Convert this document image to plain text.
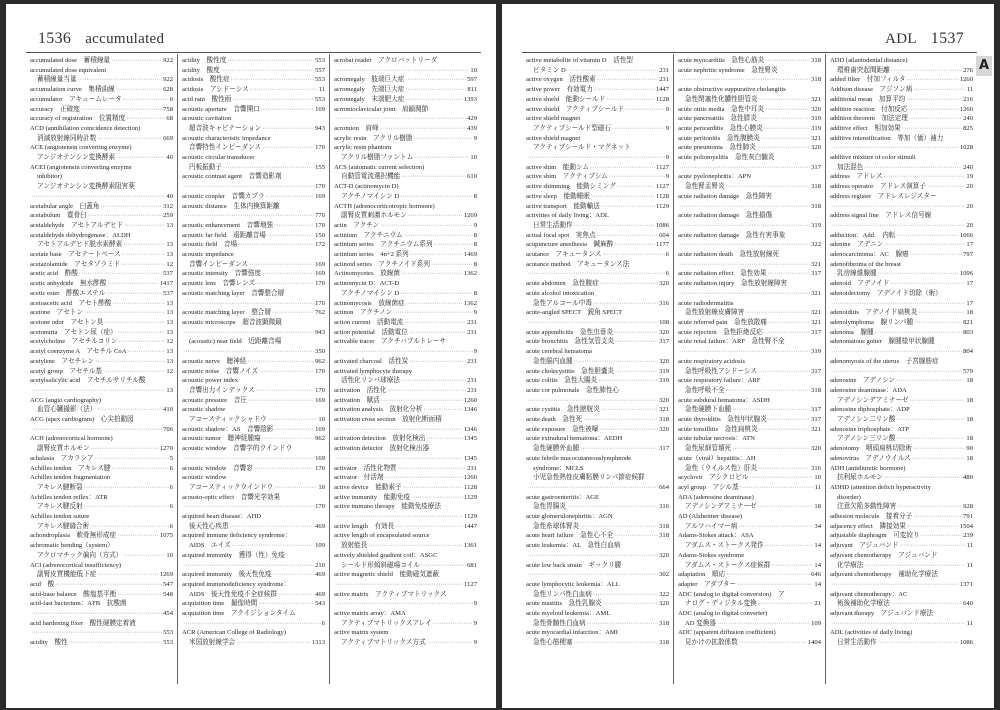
1536 accumulated
accumulated dose　蓄積線量 ·····	922
accumulated dose equivalent
蓄積線量当量 ·····	922
accumulation curve　集積曲線 ·····	628
accumulator　アキュームレータ ·····	6
accuracy　正確度 ·····	758
accuracy of registration　位置精度 ·····	68
ACD (annihilation coincidence detection)
消滅放射線同時計数 ·····	669
ACE (angiotensin converting enzyme)
アンジオテンシン変換酵素 ·····	40
ACEI (angiotensin converting enzyme
inhibitor)
アンジオテンシン変換酵素阻害薬
·····
40
acetabular angle　臼蓋角 ·····	312
acetabulum　寛骨臼 ·····	259
acetaldehyde　アセトアルデヒド ·····	13
acetaldehyde dehydrogenase：ALDH
アセトアルデヒド脱水素酵素 ·····	13
acetate base　アセテートベース ·····	13
acetazolamide　アセタゾラミド ·····	12
acetic acid　酢酸 ·····	537
acetic anhydride　無水酢酸 ·····	1417
acetic ester　酢酸エステル ·····	537
acetoacetic acid　アセト酢酸 ·····	13
acetone　アセトン ·····	13
acetone odor　アセトン臭 ·····	13
acetonuria　アセトン尿（症） ·····	13
acetylcholine　アセチルコリン ·····	12
acetyl coenzyme A　アセチル CoA ·····	13
acetylene　アセチレン ·····	13
acetyl group　アセチル基 ·····	12
acetylsalicylic acid　アセチルサリチル酸
·····
13
ACG (angio cardiography)
血管心臓撮影（法） ·····	410
ACG (apex cardiogram)　心尖拍動図
·····
706
ACH (adrenocortical hormone)
副腎皮質ホルモン ·····	1270
achalasia　アカラシア ·····	5
Achilles tendon　アキレス腱 ·····	6
Achilles tendon fragmentation
アキレス腱断裂 ·····	6
Achilles tendon reflex：ATR
アキレス腱反射 ·····	6
Achilles tendon suture
アキレス腱縫合術 ·····	6
achondroplasia　軟骨無形成症 ·····	1075
achromatic bending（system）
アクロマチック偏向（方式） ·····	10
ACI (adrenocortical insufficiency)
副腎皮質機能低下症 ·····	1269
acid　酸 ·····	547
acid-base balance　酸塩基平衡 ·····	548
acid-fast bacterium：AFB　抗酸菌
·····
454
acid hardening fixer　酸性硬膜定着液
·····
553
acidity　酸性 ·····	553
acidity　酸性度 ·····	553
acidity　酸度 ·····	557
acidosis　酸性症 ·····	553
acidosis　アシドーシス ·····	11
acid rain　酸性雨 ·····	553
acoustic aperture　音響開口 ·····	169
acoustic cavitation
超音波キャビテーション ·····	943
acoustic characteristic impedance
音響特性インピーダンス ·····	170
acoustic circular transducer
円板振動子 ·····	155
acoustic contrast agent　音響造影剤
·····
170
acoustic coupler　音響カプラ ·····	169
acoustic distance　生体内換算距離
·····
770
acoustic enhancement　音響増強 ·····	170
acoustic far field　遠距離音場 ·····	150
acoustic field　音場 ·····	172
acoustic impedance
音響インピーダンス ·····	169
acoustic intensity　音響強度 ·····	169
acoustic lens　音響レンズ ·····	170
acoustic matching layer　音響整合層
·····
170
acoustic matching layer　整合層 ·····	762
acoustic microscope　超音波顕微鏡
·····
943
(acoustic) near field　近距離音場
·····
350
acoustic nerve　聴神経 ·····	962
acoustic noise　音響ノイズ ·····	170
acoustic power index
音響出力インデックス ·····	170
acoustic pressure　音圧 ·····	169
acoustic shadow
アコースティックシャドウ ·····	10
acoustic shadow：AS　音響陰影 ·····	169
acoustic tumor　聴神経腫瘍 ·····	962
acoustic window　音響学的ウインドウ
·····
169
acoustic window　音響窓 ·····	170
acoustic window
アコースティックウインドウ ·····	10
acousto-optic effect　音響光学効果
·····
170
acquired heart disease：AHD
後天性心疾患 ·····	469
acquired immune deficiency syndrome：
AIDS　エイズ ·····	109
acquired immunity　獲得（性）免疫
·····
210
acquired immunity　後天性免疫 ·····	469
acquired immunodeficiency syndrome：
AIDS　後天性免疫不全症候群 ·····	469
acquisition time　撮像時間 ·····	543
acquisition time　アクイジションタイム
·····
6
ACR (American College of Radiology)
米国放射線学会 ·····	1313
acrobat reader　アクロバットリーダ
·····
10
acromegaly　肢端巨大症 ·····	597
acromegaly　先端巨大症 ·····	811
acromegaly　末端肥大症 ·····	1393
acromioclavicular joint　肩鎖関節
·····
429
acromion　肩峰 ·····	439
acrylic resin　アクリル樹脂 ·····	9
acrylic resin phantom
アクリル樹脂ファントム ·····	10
ACS (automatic current selection)
自動管電流選択機能 ·····	610
ACT-D (actinomycin D)
アクチノマイシン D ·····	8
ACTH (adrenocorticotropic hormone)
副腎皮質刺激ホルモン ·····	1269
actin　アクチン ·····	9
actinium　アクチニウム ·····	8
actinium series　アクチニウム系列 ·····	8
actinium series　4n+2 系列 ·····	1469
actinoid series　アクチノイド系列 ·····	8
Actinomycetes　放線菌 ·····	1362
actinomycin D：ACT-D
アクチノマイシン D ·····	8
actinomycosis　放線菌症 ·····	1362
actinon　アクチノン ·····	9
action current　活動電流 ·····	231
action potential　活動電位 ·····	231
activable tracer　アクチバブルトレーサ
·····
9
activated charcoal　活性炭 ·····	231
activated lymphocyte therapy
活性化リンパ球療法 ·····	231
activation　活性化 ·····	231
activation　賦活 ·····	1260
activation analysis　放射化分析 ·····	1346
activation cross section　放射化断面積
·····
1346
activation detection　放射化検出 ·····	1345
activation detector　放射化検出器
·····
1345
activator　活性化物質 ·····	231
activator　付活剤 ·····	1260
active device　能動素子 ·····	1128
active immunity　能動免疫 ·····	1129
active immuno therapy　能動免疫療法
·····
1129
active length　有効長 ·····	1447
active length of encapsulated source
放射能長 ·····	1361
actively shielded gradient coil：ASGC
シールド形傾斜磁場コイル ·····	681
active magnetic shield　能動磁気遮蔽
·····
1127
active matrix　アクティブマトリックス
·····
9
active matrix array：AMA
アクティブマトリックスアレイ ·····	9
active matrix system
アクティブマトリックス方式 ·····	9
ADL 1537
active metabolite of vitamin D　活性型
ビタミン D ·····	231
active oxygen　活性酸素 ·····	231
active power　有効電力 ·····	1447
active shield　能動シールド ·····	1128
active shield　アクティブシールド ·····	9
active shield magnet
アクティブシールド型磁石 ·····	9
active shield magnet
アクティブシールド・マグネット
·····
9
active shim　能動シム ·····	1127
active shim　アクティブシム ·····	9
active shimming　能動シミング ·····	1127
active sleep　能動睡眠 ·····	1128
active transport　能動輸送 ·····	1129
activities of daily living：ADL
日常生活動作 ·····	1086
actual focal spot　実焦点 ·····	604
acupuncture anesthesia　鍼麻酔 ·····	1177
acutance　アキュータンス ·····	6
acutance method　アキュータンス法
·····
6
acute abdomen　急性腹症 ·····	320
acute alcohol intoxication
急性アルコール中毒 ·····	316
acute-angled SPECT　鋭角 SPECT
·····
108
acute appendicitis　急性虫垂炎 ·····	320
acute bronchitis　急性気管支炎 ·····	317
acute cerebral hematoma
急性脳内血腫 ·····	320
acute cholecystitis　急性胆嚢炎 ·····	319
acute colitis　急性大腸炎 ·····	319
acute cor pulmonale　急性肺性心
·····
320
acute cystitis　急性膀胱炎 ·····	321
acute death　急性死 ·····	318
acute exposure　急性被曝 ·····	320
acute extradural hematoma：AEDH
急性硬膜外血腫 ·····	317
acute febrile mucocutaneouslymphnode
syndrome：MCLS
小児急性熱性皮膚粘膜リンパ節症候群
·····
664
acute gastroenteritis：AGE
急性胃腸炎 ·····	316
acute glomerulonephritis：AGN
急性糸球体腎炎 ·····	318
acute heart failure　急性心不全 ·····	318
acute leukemia：AL　急性白血病
·····
320
acute low back strain　ギックリ腰
·····
302
acute lymphocytic leukemia：ALL
急性リンパ性白血病 ·····	322
acute mastitis　急性乳腺炎 ·····	320
acute myeloid leukemia：AML
急性骨髄性白血病 ·····	318
acute myocardial infarction：AMI
急性心筋梗塞 ·····	318
acute myocarditis　急性心筋炎 ·····	318
acute nephritic syndrome　急性腎炎
·····
318
acute obstructive suppurative cholangitis
急性閉塞性化膿性胆管炎 ·····	321
acute otitis media　急性中耳炎 ·····	320
acute pancreatitis　急性膵炎 ·····	319
acute pericarditis　急性心膜炎 ·····	319
acute peritonitis　急性腹膜炎 ·····	321
acute pneumonia　急性肺炎 ·····	320
acute poliomyelitis　急性灰白髄炎
·····
317
acute pyelonephritis：APN
急性腎盂腎炎 ·····	318
acute radiation damage　急性障害
·····
318
acute radiation damage　急性損傷
·····
319
acute radiation damage　急性有害事象
·····
322
acute radiation death　急性放射線死
·····
321
acute radiation effect　急性効果 ·····	317
acute radiation injury　急性放射線障害
·····
321
acute radiodermatitis
急性放射線皮膚障害 ·····	321
acute referred pain　急性放散痛 ·····	321
acute rejection　急性拒絶反応 ·····	317
acute renal failure：ARF　急性腎不全
·····
319
acute respiratory acidosis
急性呼吸性アシドーシス ·····	317
acute respiratory failure：ARF
急性呼吸不全 ·····	318
acute subdural hematoma：ASDH
急性硬膜下血腫 ·····	317
acute thyroiditis　急性甲状腺炎 ·····	317
acute tonsillitis　急性扁桃炎 ·····	321
acute tubular necrosis：ATN
急性尿細管壊死 ·····	320
acute（viral）hepatitis：AH
急性（ウイルス性）肝炎 ·····	316
acyclovir　アシクロビル ·····	10
acyl group　アシル基 ·····	11
ADA (adenosine deaminase)
アデノシンデアミナーゼ ·····	18
AD (Alzheimer disease)
アルツハイマー病 ·····	34
Adams-Stokes attack：ASA
アダムス・ストークス発作 ·····	14
Adams-Stokes syndrome
アダムス・ストークス症候群 ·····	14
adaptation　順応 ·····	646
adapter　アダプター ·····	14
ADC (analog to digital conversion)　ア
ナログ・ディジタル変換 ·····	21
ADC (analog to digital converter)
AD 変換器 ·····	109
ADC (apparent diffusion coefficient)
見かけの拡散係数 ·····	1404
ADD (atlantodental distance)
環椎歯突起間距離 ·····	276
added filter　付加フィルタ ·····	1260
Addison disease　アジソン病 ·····	11
additional mean　加算平均 ·····	216
addition reaction　付加反応 ·····	1260
addition theorem　加法定理 ·····	240
additive effect　相加効果 ·····	825
additive intensification　等加（価）補力
·····
1028
additive mixture of color stimuli
加法混色 ·····	240
address　アドレス ·····	19
address operator　アドレス演算子 ·····	20
address register　アドレスレジスター
·····
20
address signal line　アドレス信号線
·····
20
adduction：Add.　内転 ·····	1066
adenine　アデニン ·····	17
adenocarcinoma：AC　腺癌 ·····	797
adenofibroma of the breast
乳房線維腺腫 ·····	1096
adenoid　アデノイド ·····	17
adenoidectomy　アデノイド切除（術）
·····
17
adenoiditis　アデノイド扁桃炎 ·····	18
adenolymphoma　腺リンパ腫 ·····	821
adenoma　腺腫 ·····	803
adenomatous goiter　腺腫様甲状腺腫
·····
804
adenomyosis of the uterus　子宮腺筋症
·····
579
adenosine　アデノシン ·····	18
adenosine deaminase：ADA
アデノシンデアミナーゼ ·····	18
adenosine diphosphate：ADP
アデノシン二リン酸 ·····	18
adenosine triphosphate：ATP
アデノシン三リン酸 ·····	18
adenotomy　咽頭扁桃切除術 ·····	90
adenovirus　アデノウイルス ·····	18
ADH (antidiuretic hormone)
抗利尿ホルモン ·····	480
ADHD (attention deficit hyperactivity
disorder)
注意欠陥多動性障害 ·····	928
adhesion molecule　接着分子 ·····	791
adjacency effect　隣接効果 ·····	1504
adjustable diaphragm　可変絞り ·····	239
adjuvant　アジュバンド ·····	11
adjuvant chemotherapy　アジュバンド
化学療法 ·····	11
adjuvant chemotherapy　補助化学療法
·····
1371
adjuvant chemotherapy：AC
術後補助化学療法 ·····	640
adjuvant therapy　アジュバンド療法
·····
11
ADL (activities of daily living)
日常生活動作 ·····	1086
A
